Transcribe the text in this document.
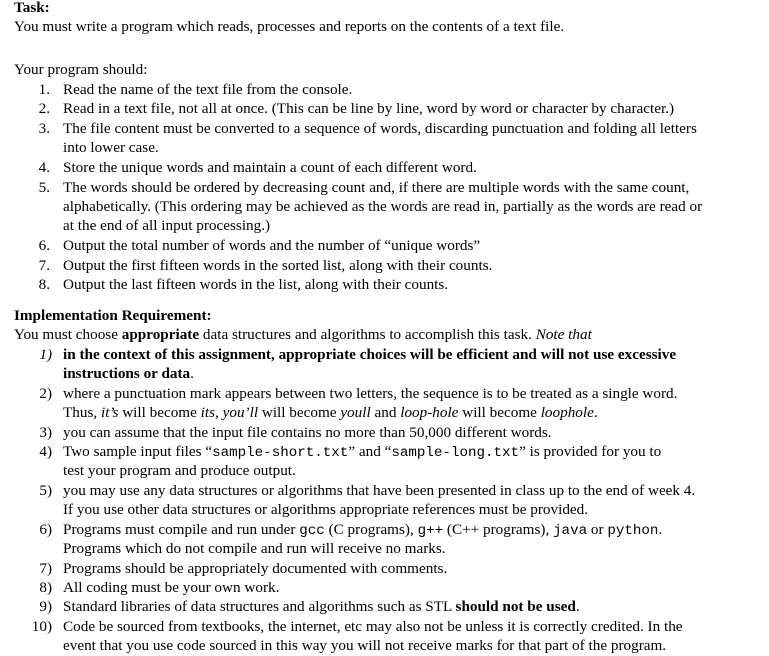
Task:
You must write a program which reads, processes and reports on the contents of a text file.
Your program should:
1. Read the name of the text file from the console.
2. Read in a text file, not all at once. (This can be line by line, word by word or character by character.)
3. The file content must be converted to a sequence of words, discarding punctuation and folding all letters
into lower case.
4. Store the unique words and maintain a count of each different word.
5. The words should be ordered by decreasing count and, if there are multiple words with the same count,
alphabetically. (This ordering may be achieved as the words are read in, partially as the words are read or
at the end of all input processing.)
6. Output the total number of words and the number of “unique words”
7. Output the first fifteen words in the sorted list, along with their counts.
8. Output the last fifteen words in the list, along with their counts.
Implementation Requirement:
You must choose appropriate data structures and algorithms to accomplish this task. Note that
1) in the context of this assignment, appropriate choices will be efficient and will not use excessive
instructions or data.
2) where a punctuation mark appears between two letters, the sequence is to be treated as a single word.
Thus, it’s will become its, you’ll will become youll and loop-hole will become loophole.
3) you can assume that the input file contains no more than 50,000 different words.
4) Two sample input files “sample-short.txt” and “sample-long.txt” is provided for you to
test your program and produce output.
5) you may use any data structures or algorithms that have been presented in class up to the end of week 4.
If you use other data structures or algorithms appropriate references must be provided.
6) Programs must compile and run under gcc (C programs), g++ (C++ programs), java or python.
Programs which do not compile and run will receive no marks.
7) Programs should be appropriately documented with comments.
8) All coding must be your own work.
9) Standard libraries of data structures and algorithms such as STL should not be used.
10) Code be sourced from textbooks, the internet, etc may also not be unless it is correctly credited. In the
event that you use code sourced in this way you will not receive marks for that part of the program.
